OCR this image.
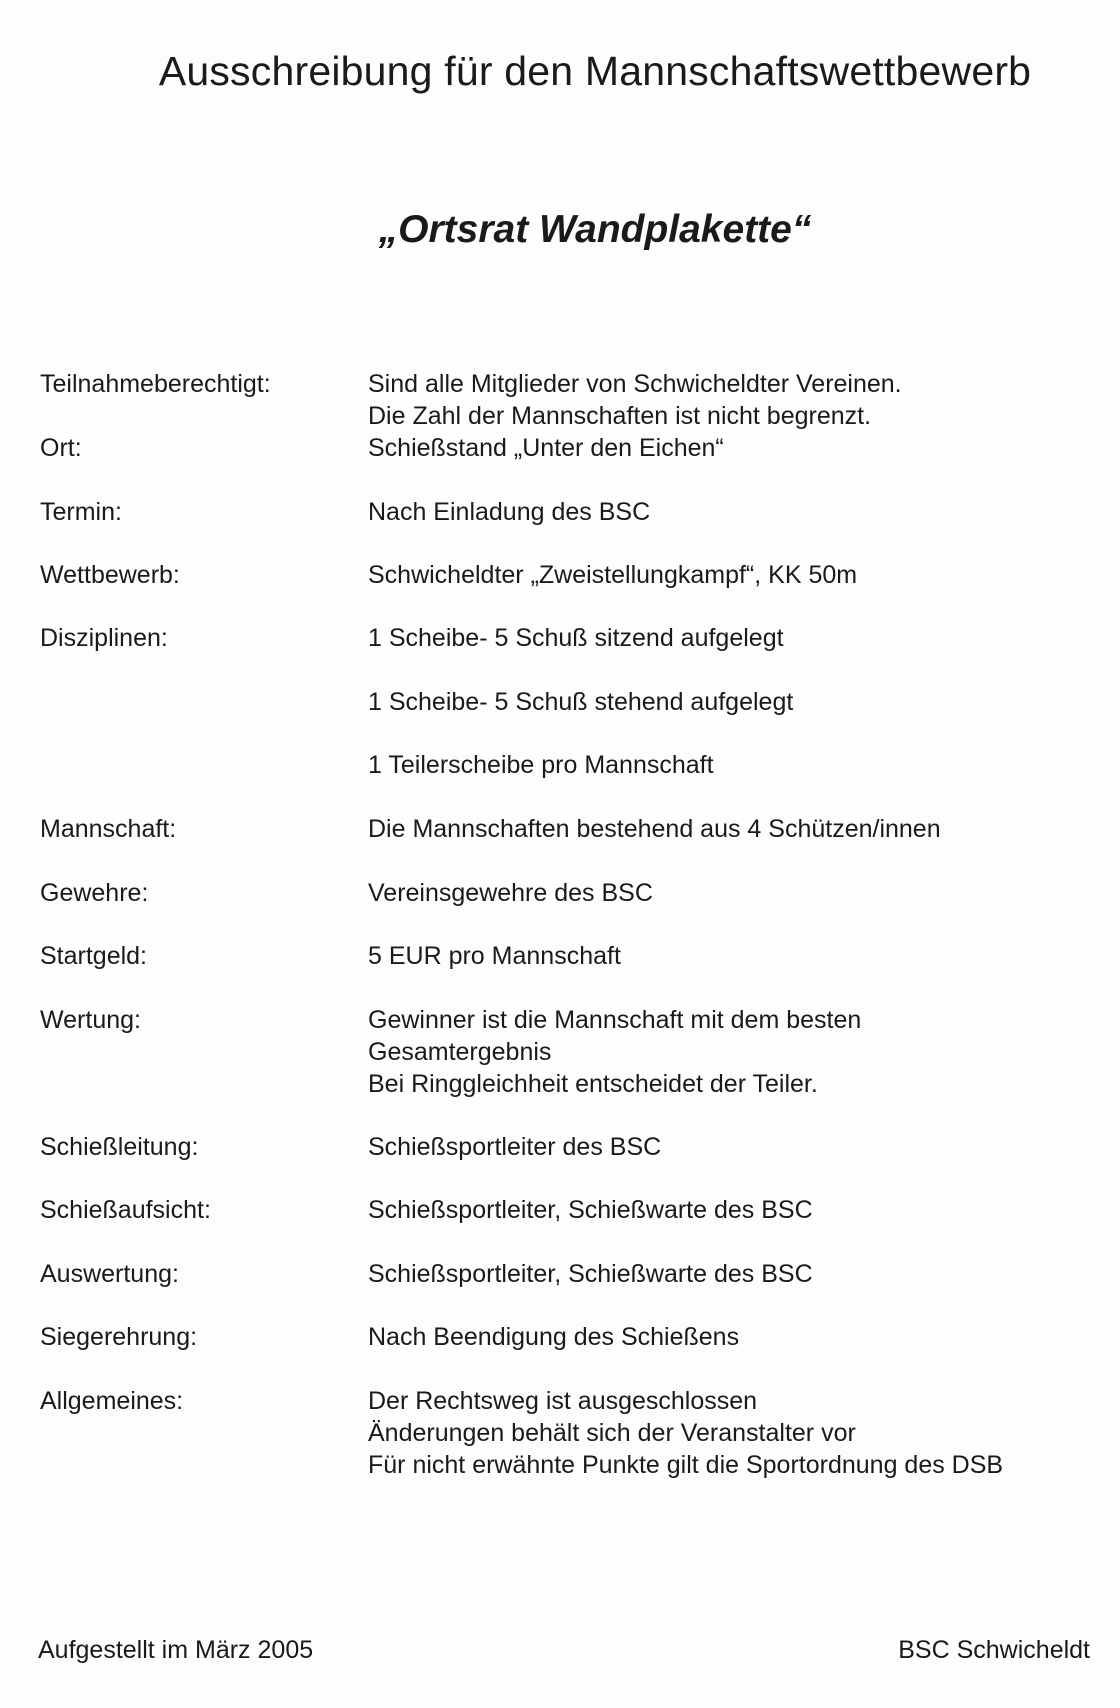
Ausschreibung für den Mannschaftswettbewerb
„Ortsrat Wandplakette“
Teilnahmeberechtigt:	Sind alle Mitglieder von Schwicheldter Vereinen.
Die Zahl der Mannschaften ist nicht begrenzt.
Ort:	Schießstand „Unter den Eichen“
Termin:	Nach Einladung des BSC
Wettbewerb:	Schwicheldter „Zweistellungkampf“, KK 50m
Disziplinen:	1 Scheibe- 5 Schuß sitzend aufgelegt
1 Scheibe- 5 Schuß stehend aufgelegt
1 Teilerscheibe pro Mannschaft
Mannschaft:	Die Mannschaften bestehend aus 4 Schützen/innen
Gewehre:	Vereinsgewehre des BSC
Startgeld:	5 EUR pro Mannschaft
Wertung:	Gewinner ist die Mannschaft mit dem besten
Gesamtergebnis
Bei Ringgleichheit entscheidet der Teiler.
Schießleitung:	Schießsportleiter des BSC
Schießaufsicht:	Schießsportleiter, Schießwarte des BSC
Auswertung:	Schießsportleiter, Schießwarte des BSC
Siegerehrung:	Nach Beendigung des Schießens
Allgemeines:	Der Rechtsweg ist ausgeschlossen
Änderungen behält sich der Veranstalter vor
Für nicht erwähnte Punkte gilt die Sportordnung des DSB
Aufgestellt im März 2005	BSC Schwicheldt
